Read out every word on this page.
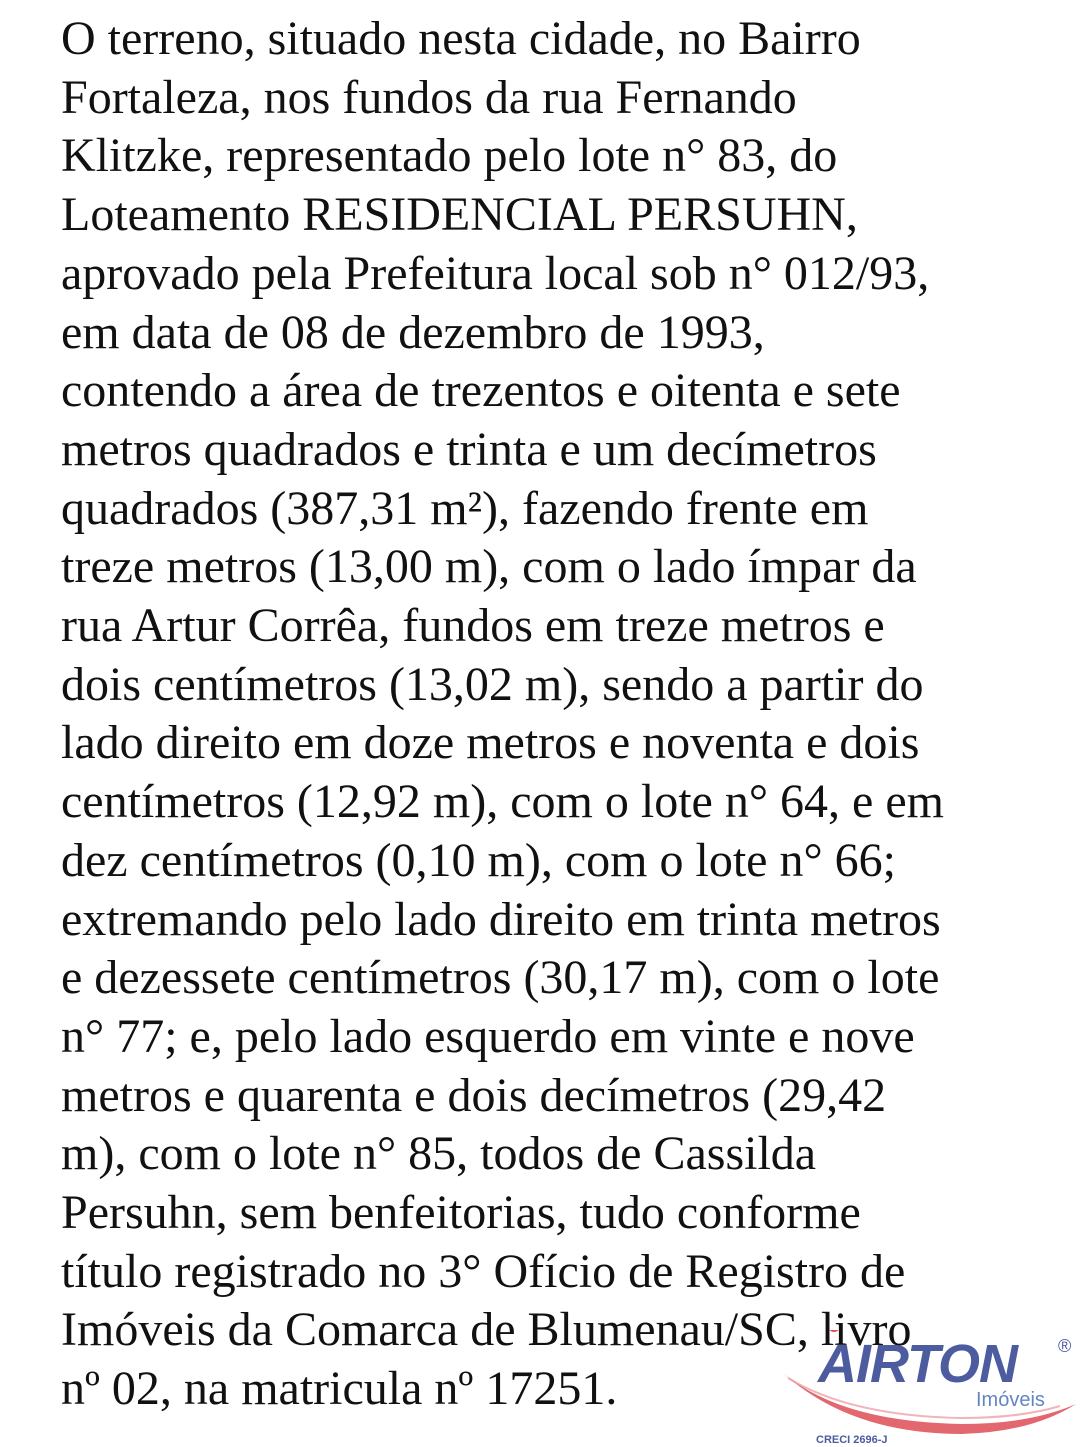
O terreno, situado nesta cidade, no Bairro
Fortaleza, nos fundos da rua Fernando
Klitzke, representado pelo lote n° 83, do
Loteamento RESIDENCIAL PERSUHN,
aprovado pela Prefeitura local sob n° 012/93,
em data de 08 de dezembro de 1993,
contendo a área de trezentos e oitenta e sete
metros quadrados e trinta e um decímetros
quadrados (387,31 m²), fazendo frente em
treze metros (13,00 m), com o lado ímpar da
rua Artur Corrêa, fundos em treze metros e
dois centímetros (13,02 m), sendo a partir do
lado direito em doze metros e noventa e dois
centímetros (12,92 m), com o lote n° 64, e em
dez centímetros (0,10 m), com o lote n° 66;
extremando pelo lado direito em trinta metros
e dezessete centímetros (30,17 m), com o lote
n° 77; e, pelo lado esquerdo em vinte e nove
metros e quarenta e dois decímetros (29,42
m), com o lote n° 85, todos de Cassilda
Persuhn, sem benfeitorias, tudo conforme
título registrado no 3° Ofício de Registro de
Imóveis da Comarca de Blumenau/SC, livro
nº 02, na matricula nº 17251.	AIRTON ®
Imóveis
CRECI 2696-J
